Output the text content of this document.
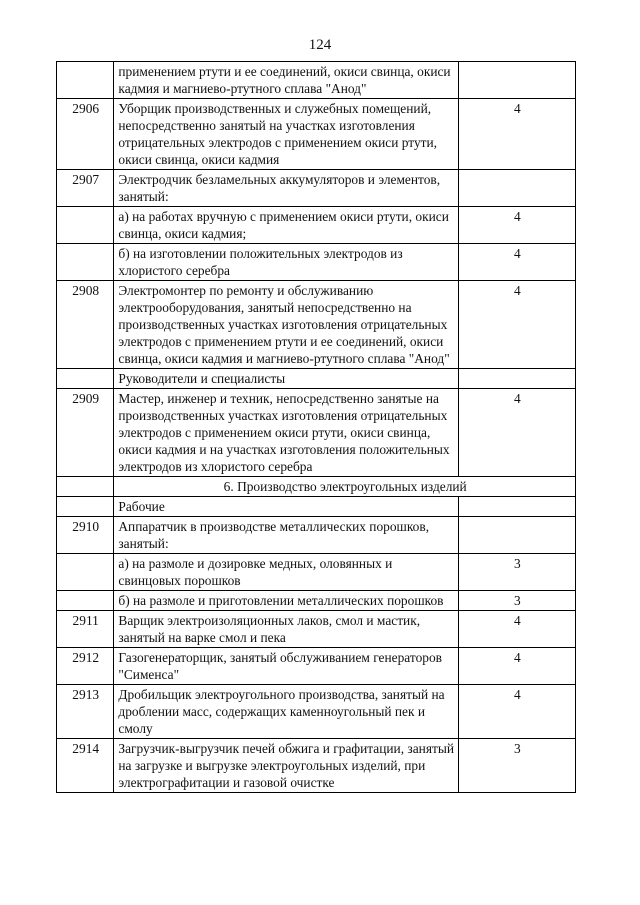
124
	применением ртути и ее соединений, окиси свинца, окиси кадмия и магниево-ртутного сплава "Анод"	
2906	Уборщик производственных и служебных помещений, непосредственно занятый на участках изготовления отрицательных электродов с применением окиси ртути, окиси свинца, окиси кадмия	4
2907	Электродчик безламельных аккумуляторов и элементов, занятый:	
	а) на работах вручную с применением окиси ртути, окиси свинца, окиси кадмия;	4
	б) на изготовлении положительных электродов из хлористого серебра	4
2908	Электромонтер по ремонту и обслуживанию электрооборудования, занятый непосредственно на производственных участках изготовления отрицательных электродов с применением ртути и ее соединений, окиси свинца, окиси кадмия и магниево-ртутного сплава "Анод"	4
	Руководители и специалисты	
2909	Мастер, инженер и техник, непосредственно занятые на производственных участках изготовления отрицательных электродов с применением окиси ртути, окиси свинца, окиси кадмия и на участках изготовления положительных электродов из хлористого серебра	4
	6. Производство электроугольных изделий	
	Рабочие	
2910	Аппаратчик в производстве металлических порошков, занятый:	
	а) на размоле и дозировке медных, оловянных и свинцовых порошков	3
	б) на размоле и приготовлении металлических порошков	3
2911	Варщик электроизоляционных лаков, смол и мастик, занятый на варке смол и пека	4
2912	Газогенераторщик, занятый обслуживанием генераторов "Сименса"	4
2913	Дробильщик электроугольного производства, занятый на дроблении масс, содержащих каменноугольный пек и смолу	4
2914	Загрузчик-выгрузчик печей обжига и графитации, занятый на загрузке и выгрузке электроугольных изделий, при электрографитации и газовой очистке	3
